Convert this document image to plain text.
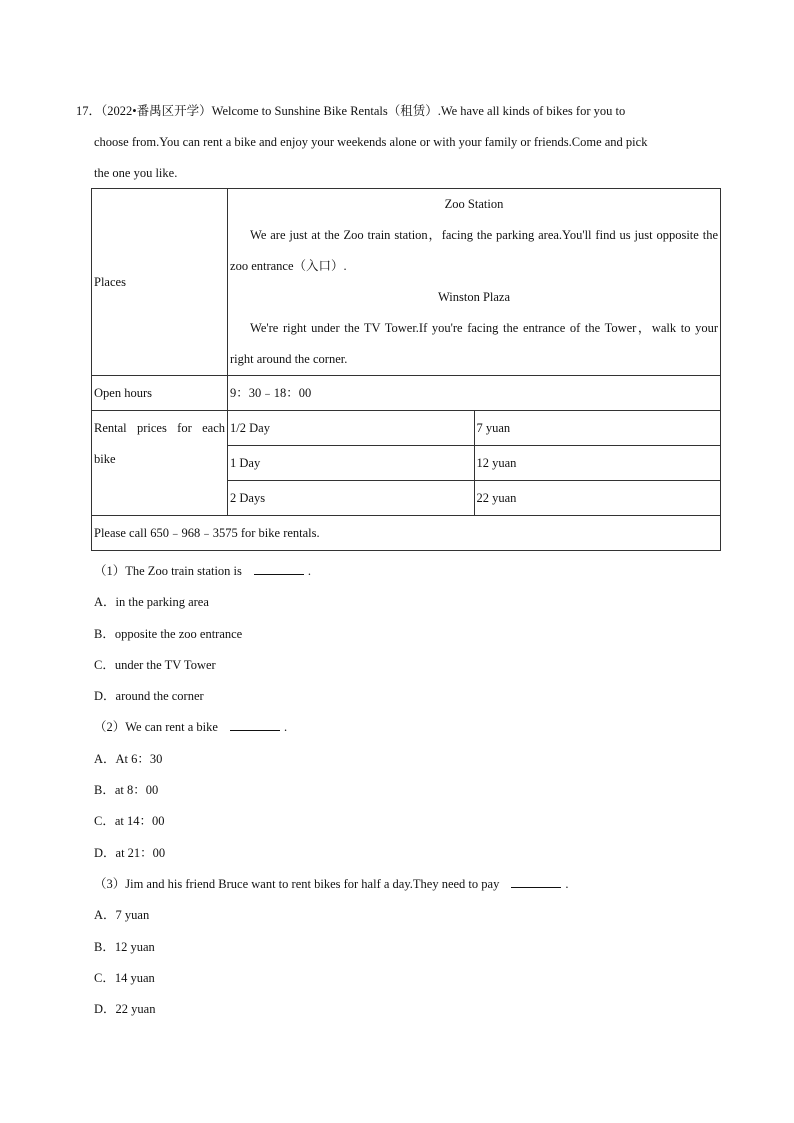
17．（2022•番禺区开学）Welcome to Sunshine Bike Rentals（租赁）.We have all kinds of bikes for you to
choose from.You can rent a bike and enjoy your weekends alone or with your family or friends.Come and pick
the one you like.
Places	Zoo Station
We are just at the Zoo train station，facing the parking area.You'll find us just opposite the zoo entrance（入口）.
Winston Plaza
We're right under the TV Tower.If you're facing the entrance of the Tower，walk to your right around the corner.	

Open hours	9：30﹣18：00	
Rental prices for each bike	1/2 Day	7 yuan
	1 Day	12 yuan
	2 Days	22 yuan
Please call 650﹣968﹣3575 for bike rentals.		
（1）The Zoo train station is	.
A．in the parking area
B．opposite the zoo entrance
C．under the TV Tower
D．around the corner
（2）We can rent a bike	.
A．At 6：30
B．at 8：00
C．at 14：00
D．at 21：00
（3）Jim and his friend Bruce want to rent bikes for half a day.They need to pay	.
A．7 yuan
B．12 yuan
C．14 yuan
D．22 yuan
